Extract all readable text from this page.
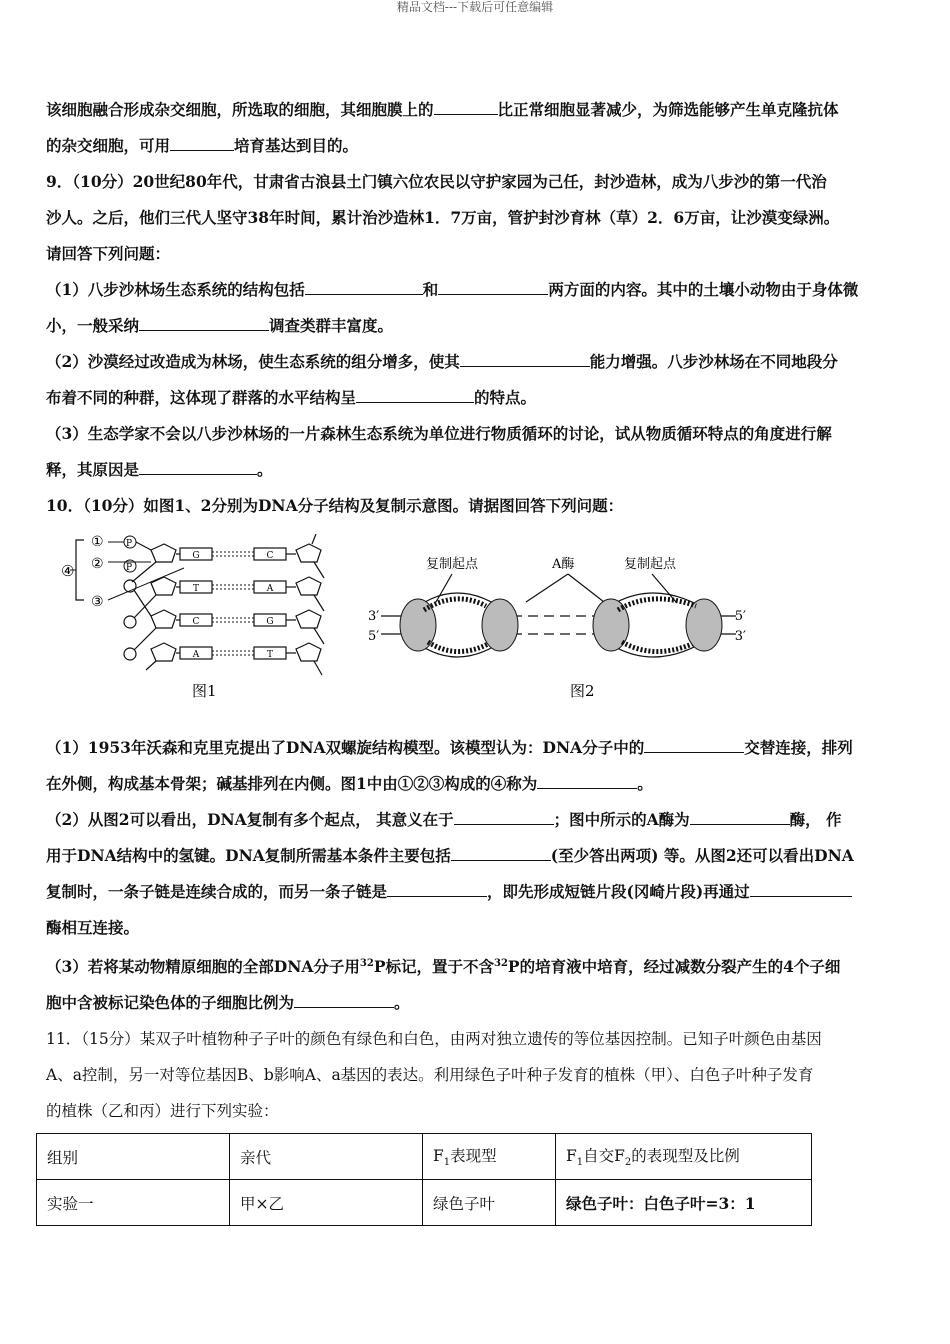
精品文档---下载后可任意编辑
该细胞融合形成杂交细胞，所选取的细胞，其细胞膜上的	比正常细胞显著减少，为筛选能够产生单克隆抗体
的杂交细胞，可用	培育基达到目的。
9．（10分）20世纪80年代，甘肃省古浪县土门镇六位农民以守护家园为己任，封沙造林，成为八步沙的第一代治
沙人。之后，他们三代人坚守38年时间，累计治沙造林1．7万亩，管护封沙育林（草）2．6万亩，让沙漠变绿洲。
请回答下列问题：
（1）八步沙林场生态系统的结构包括	和	两方面的内容。其中的土壤小动物由于身体微
小，一般采纳	调查类群丰富度。
（2）沙漠经过改造成为林场，使生态系统的组分增多，使其	能力增强。八步沙林场在不同地段分
布着不同的种群，这体现了群落的水平结构呈	的特点。
（3）生态学家不会以八步沙林场的一片森林生态系统为单位进行物质循环的讨论，试从物质循环特点的角度进行解
释，其原因是	。
10．（10分）如图1、2分别为DNA分子结构及复制示意图。请据图回答下列问题：
④
①
②
③
P
P
G	C
T	A
C	G
A	T
图1
复制起点	A酶	复制起点
3′
5′
5′
3′
图2
（1）1953年沃森和克里克提出了DNA双螺旋结构模型。该模型认为：DNA分子中的	交替连接，排列
在外侧，构成基本骨架；碱基排列在内侧。图1中由①②③构成的④称为	。
（2）从图2可以看出，DNA复制有多个起点， 其意义在于	；图中所示的A酶为	酶， 作
用于DNA结构中的氢键。DNA复制所需基本条件主要包括	(至少答出两项) 等。从图2还可以看出DNA
复制时，一条子链是连续合成的，而另一条子链是	，即先形成短链片段(冈崎片段)再通过
酶相互连接。
（3）若将某动物精原细胞的全部DNA分子用$^{32}$P标记，置于不含$^{32}$P的培育液中培育，经过减数分裂产生的4个子细
胞中含被标记染色体的子细胞比例为	。
11．（15分）某双子叶植物种子子叶的颜色有绿色和白色，由两对独立遗传的等位基因控制。已知子叶颜色由基因
A、a控制，另一对等位基因B、b影响A、a基因的表达。利用绿色子叶种子发育的植株（甲）、白色子叶种子发育
的植株（乙和丙）进行下列实验：
组别	亲代	$F_1$表现型	$F_1$自交$F_2$的表现型及比例
实验一	甲×乙	绿色子叶	绿色子叶：白色子叶=3：1
